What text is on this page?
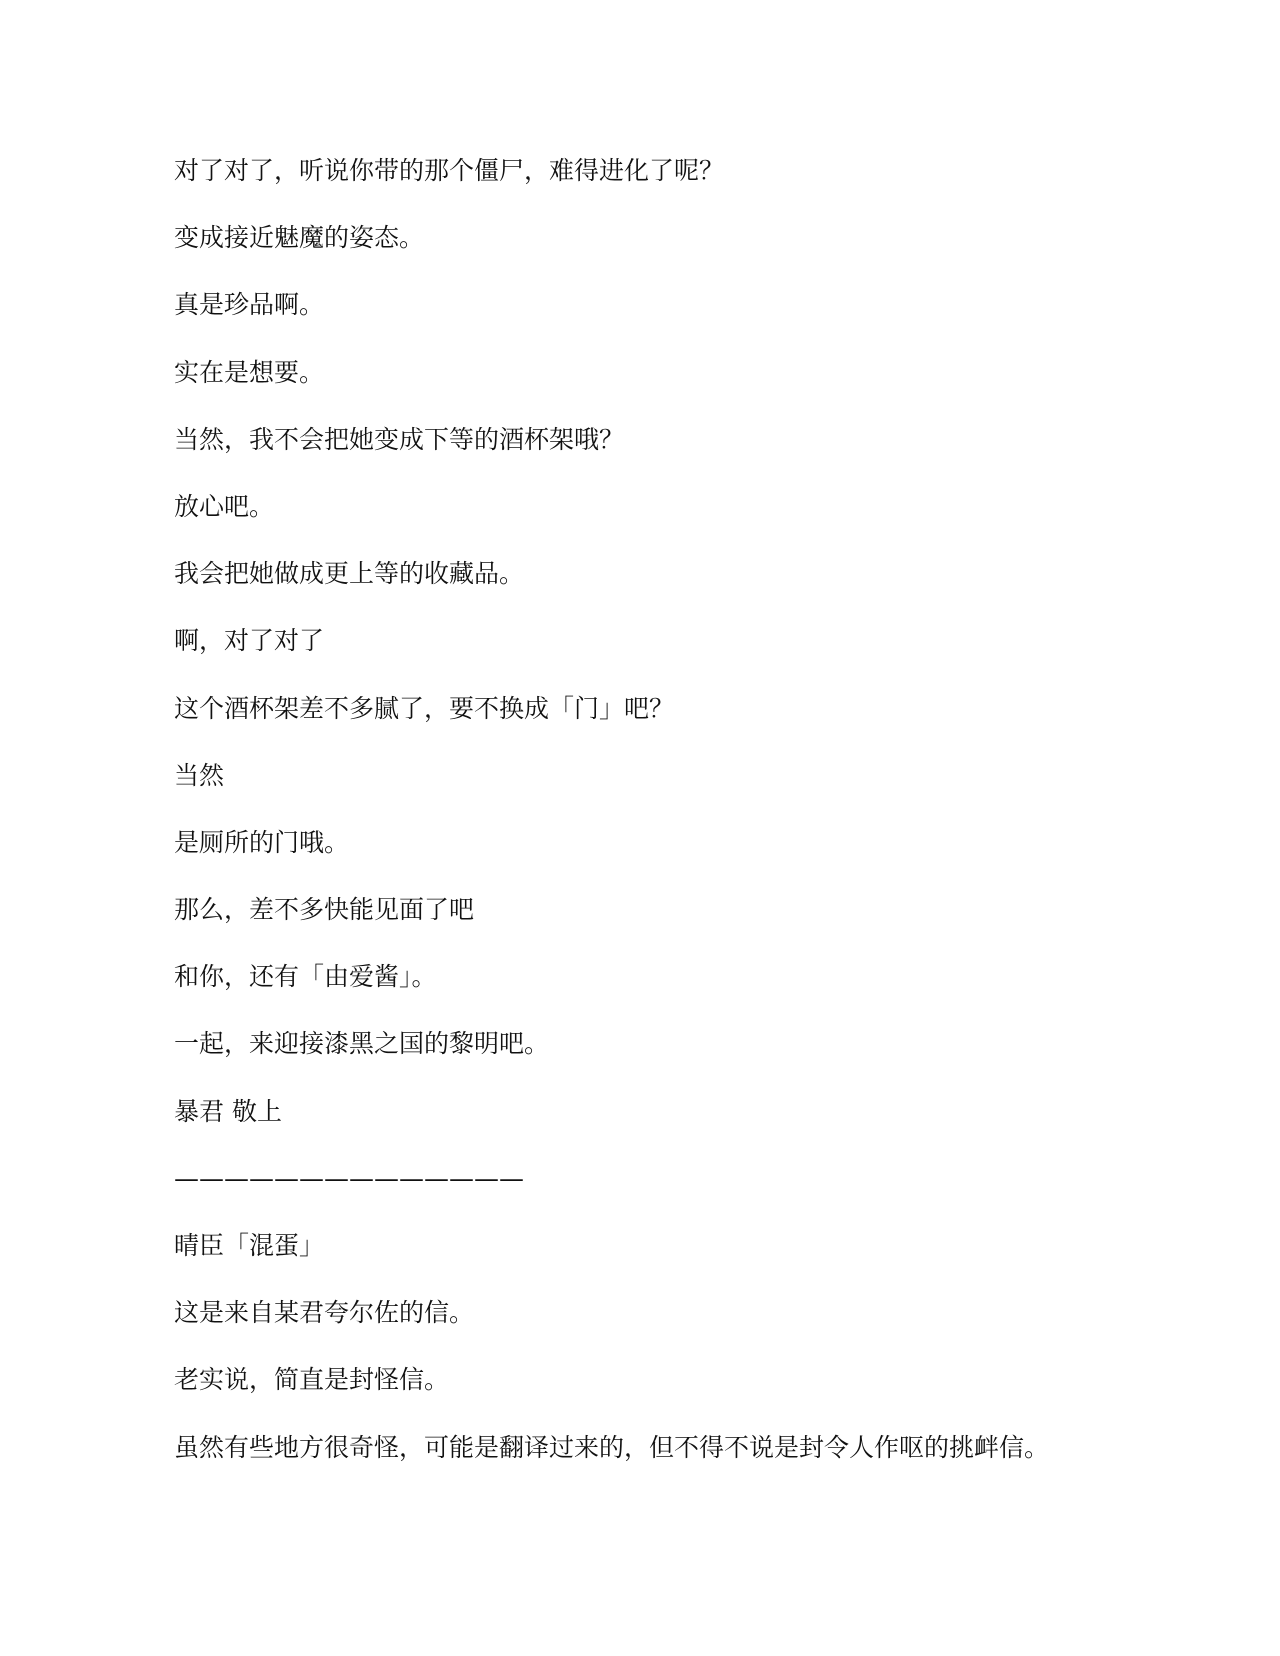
对了对了，听说你带的那个僵尸，难得进化了呢？
变成接近魅魔的姿态。
真是珍品啊。
实在是想要。
当然，我不会把她变成下等的酒杯架哦？
放心吧。
我会把她做成更上等的收藏品。
啊，对了对了
这个酒杯架差不多腻了，要不换成「门」吧？
当然
是厕所的门哦。
那么，差不多快能见面了吧
和你，还有「由爱酱」。
一起，来迎接漆黑之国的黎明吧。
暴君 敬上
——————————————
晴臣「混蛋」
这是来自某君夸尔佐的信。
老实说，简直是封怪信。
虽然有些地方很奇怪，可能是翻译过来的，但不得不说是封令人作呕的挑衅信。
